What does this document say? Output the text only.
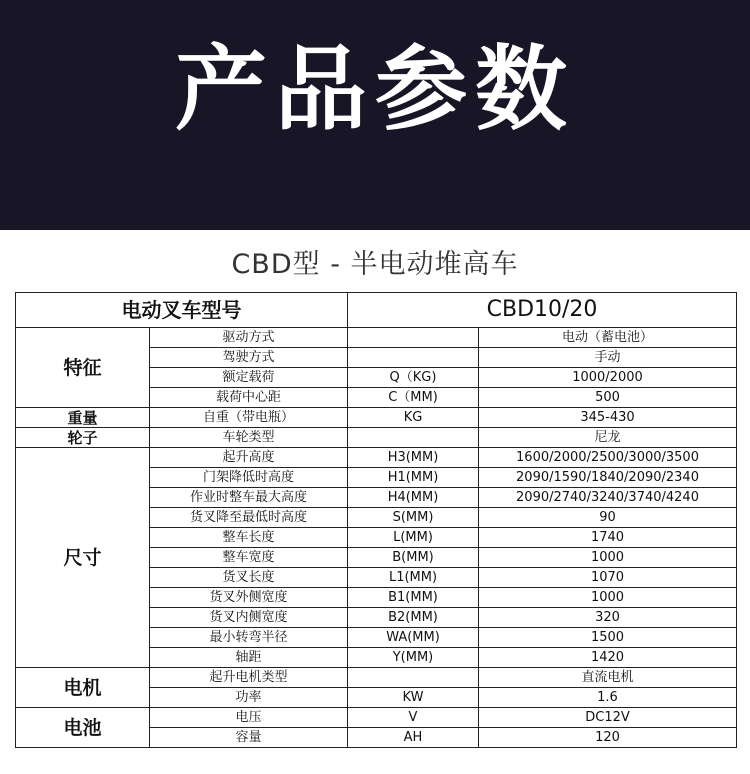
产品参数
CBD型 - 半电动堆高车
电动叉车型号		CBD10/20	
特征	驱动方式		电动（蓄电池）
	驾驶方式		手动
	额定载荷	Q（KG)	1000/2000
	载荷中心距	C（MM)	500
重量	自重（带电瓶）	KG	345-430
轮子	车轮类型		尼龙
尺寸	起升高度	H3(MM)	1600/2000/2500/3000/3500
	门架降低时高度	H1(MM)	2090/1590/1840/2090/2340
	作业时整车最大高度	H4(MM)	2090/2740/3240/3740/4240
	货叉降至最低时高度	S(MM)	90
	整车长度	L(MM)	1740
	整车宽度	B(MM)	1000
	货叉长度	L1(MM)	1070
	货叉外侧宽度	B1(MM)	1000
	货叉内侧宽度	B2(MM)	320
	最小转弯半径	WA(MM)	1500
	轴距	Y(MM)	1420
电机	起升电机类型		直流电机
	功率	KW	1.6
电池	电压	V	DC12V
	容量	AH	120
